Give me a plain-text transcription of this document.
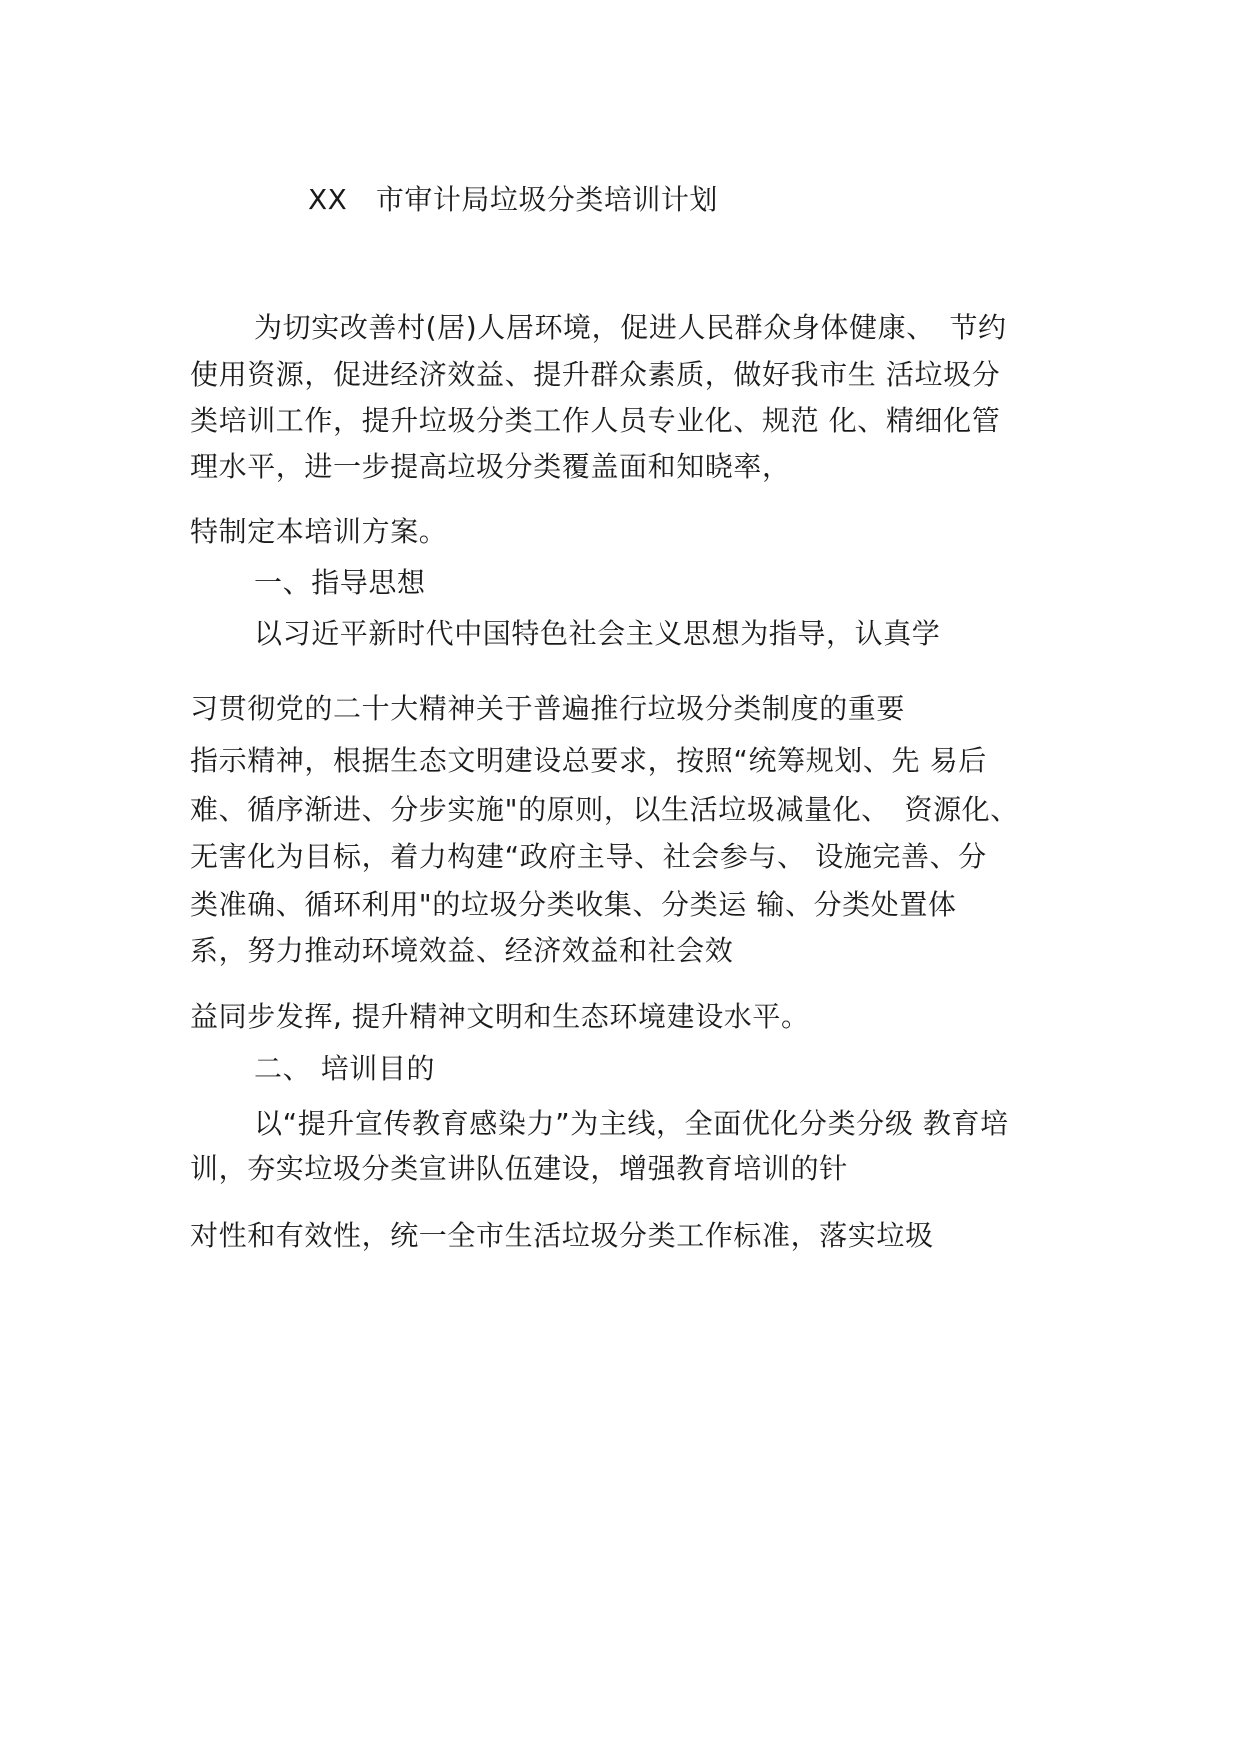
XX　市审计局垃圾分类培训计划
为切实改善村(居)人居环境，促进人民群众身体健康、　节约
使用资源，促进经济效益、提升群众素质，做好我市生 活垃圾分
类培训工作，提升垃圾分类工作人员专业化、规范 化、精细化管
理水平，进一步提高垃圾分类覆盖面和知晓率，
特制定本培训方案。
一、指导思想
以习近平新时代中国特色社会主义思想为指导，认真学
习贯彻党的二十大精神关于普遍推行垃圾分类制度的重要
指示精神，根据生态文明建设总要求，按照“统筹规划、先 易后
难、循序渐进、分步实施"的原则，以生活垃圾减量化、　资源化、
无害化为目标，着力构建“政府主导、社会参与、 设施完善、分
类准确、循环利用"的垃圾分类收集、分类运 输、分类处置体
系，努力推动环境效益、经济效益和社会效
益同步发挥, 提升精神文明和生态环境建设水平。
二、 培训目的
以“提升宣传教育感染力”为主线，全面优化分类分级 教育培
训，夯实垃圾分类宣讲队伍建设，增强教育培训的针
对性和有效性，统一全市生活垃圾分类工作标准，落实垃圾
